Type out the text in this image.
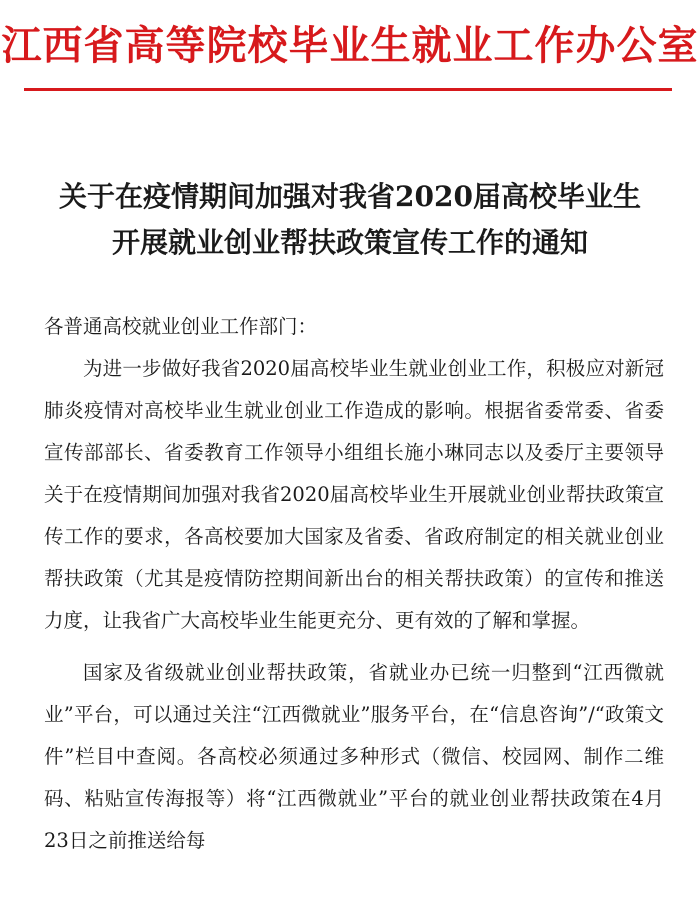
江西省高等院校毕业生就业工作办公室
关于在疫情期间加强对我省2020届高校毕业生
开展就业创业帮扶政策宣传工作的通知

各普通高校就业创业工作部门：

为进一步做好我省2020届高校毕业生就业创业工作，积极应对新冠肺炎疫情对高校毕业生就业创业工作造成的影响。根据省委常委、省委宣传部部长、省委教育工作领导小组组长施小琳同志以及委厅主要领导关于在疫情期间加强对我省2020届高校毕业生开展就业创业帮扶政策宣传工作的要求，各高校要加大国家及省委、省政府制定的相关就业创业帮扶政策（尤其是疫情防控期间新出台的相关帮扶政策）的宣传和推送力度，让我省广大高校毕业生能更充分、更有效的了解和掌握。

国家及省级就业创业帮扶政策，省就业办已统一归整到“江西微就业”平台，可以通过关注“江西微就业”服务平台，在“信息咨询”/“政策文件”栏目中查阅。各高校必须通过多种形式（微信、校园网、制作二维码、粘贴宣传海报等）将“江西微就业”平台的就业创业帮扶政策在4月23日之前推送给每
